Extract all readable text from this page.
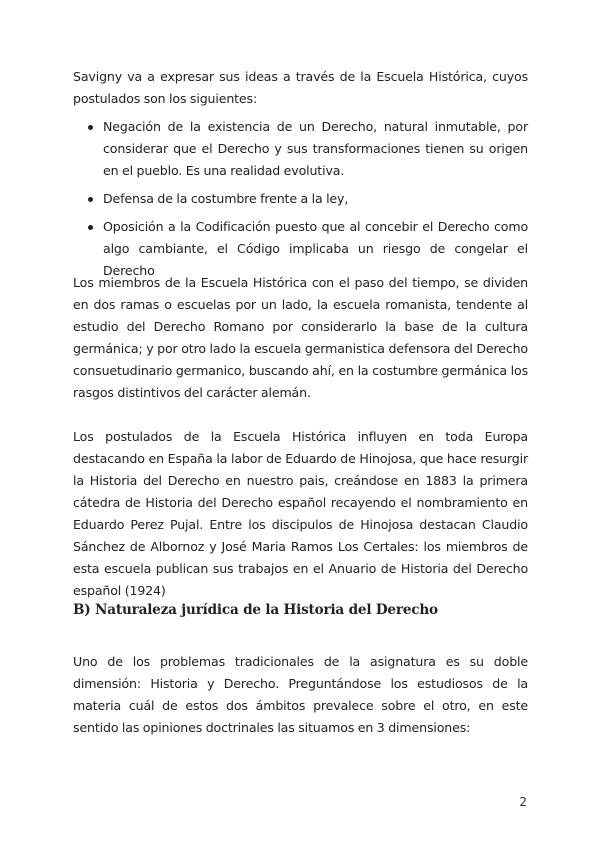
Savigny va a expresar sus ideas a través de la Escuela Histórica, cuyos postulados son los siguientes:

Negación de la existencia de un Derecho, natural inmutable, por considerar que el Derecho y sus transformaciones tienen su origen en el pueblo. Es una realidad evolutiva.
Defensa de la costumbre frente a la ley,
Oposición a la Codificación puesto que al concebir el Derecho como algo cambiante, el Código implicaba un riesgo de congelar el Derecho

Los miembros de la Escuela Histórica con el paso del tiempo, se dividen en dos ramas o escuelas por un lado, la escuela romanista, tendente al estudio del Derecho Romano por considerarlo la base de la cultura germánica; y por otro lado la escuela germanistica defensora del Derecho consuetudinario germanico, buscando ahí, en la costumbre germánica los rasgos distintivos del carácter alemán.

Los postulados de la Escuela Histórica influyen en toda Europa destacando en España la labor de Eduardo de Hinojosa, que hace resurgir la Historia del Derecho en nuestro pais, creándose en 1883 la primera cátedra de Historia del Derecho español recayendo el nombramiento en Eduardo Perez Pujal. Entre los discipulos de Hinojosa destacan Claudio Sánchez de Albornoz y José Maria Ramos Los Certales: los miembros de esta escuela publican sus trabajos en el Anuario de Historia del Derecho español (1924)

B) Naturaleza jurídica de la Historia del Derecho

Uno de los problemas tradicionales de la asignatura es su doble dimensión: Historia y Derecho. Preguntándose los estudiosos de la materia cuál de estos dos ámbitos prevalece sobre el otro, en este sentido las opiniones doctrinales las situamos en 3 dimensiones:

2
